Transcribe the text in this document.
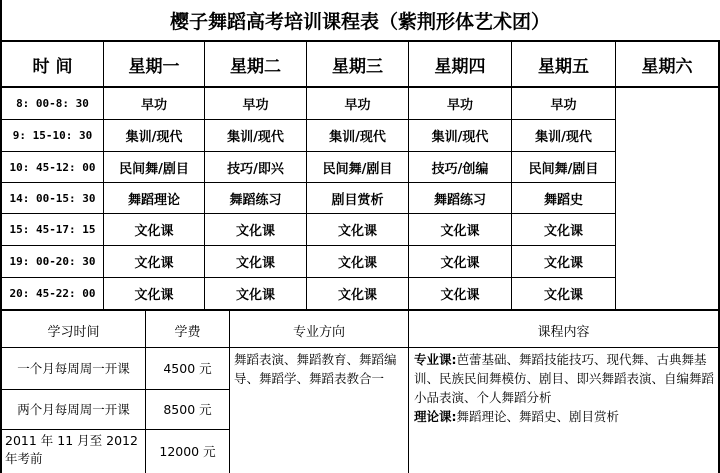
樱子舞蹈高考培训课程表（紫荆形体艺术团）
时 间	星期一	星期二	星期三	星期四	星期五	星期六
8: 00-8: 30	早功	早功	早功	早功	早功
9: 15-10: 30	集训/现代	集训/现代	集训/现代	集训/现代	集训/现代
10: 45-12: 00	民间舞/剧目	技巧/即兴	民间舞/剧目	技巧/创编	民间舞/剧目
14: 00-15: 30	舞蹈理论	舞蹈练习	剧目赏析	舞蹈练习	舞蹈史
15: 45-17: 15	文化课	文化课	文化课	文化课	文化课
19: 00-20: 30	文化课	文化课	文化课	文化课	文化课
20: 45-22: 00	文化课	文化课	文化课	文化课	文化课
学习时间	学费	专业方向	课程内容
一个月每周周一开课	4500 元
两个月每周周一开课	8500 元
2011 年 11 月至 2012 年考前	12000 元
舞蹈表演、舞蹈教育、舞蹈编导、舞蹈学、舞蹈表教合一
专业课:芭蕾基础、舞蹈技能技巧、现代舞、古典舞基训、民族民间舞模仿、剧目、即兴舞蹈表演、自编舞蹈小品表演、个人舞蹈分析
理论课:舞蹈理论、舞蹈史、剧目赏析
